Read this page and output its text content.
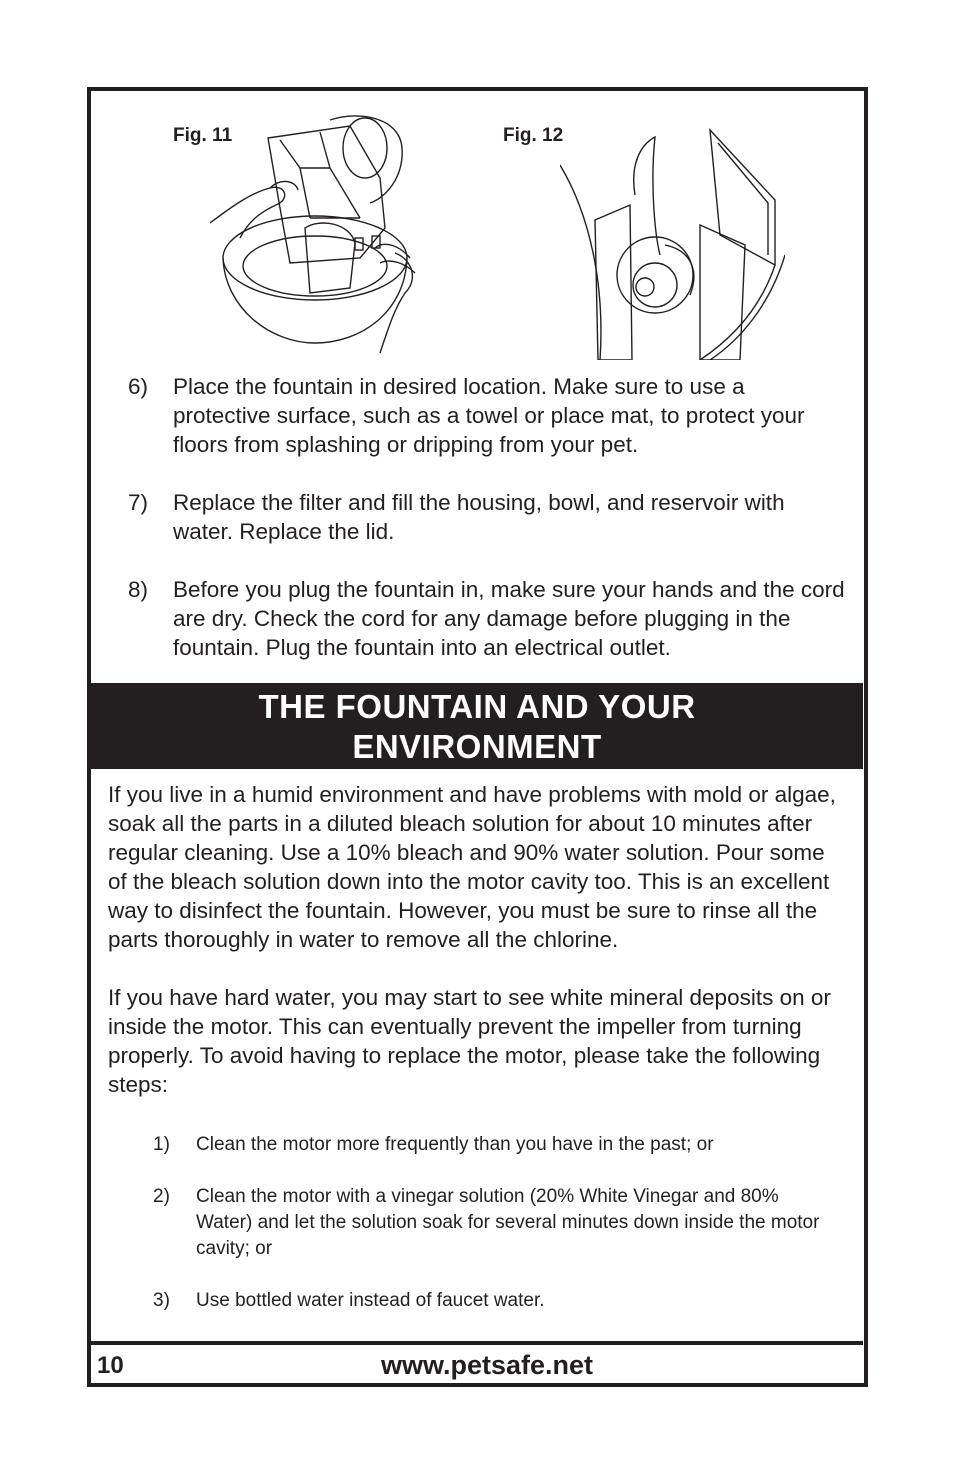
Fig. 11	Fig. 12
6)	Place the fountain in desired location. Make sure to use a protective surface, such as a towel or place mat, to protect your floors from splashing or dripping from your pet.
7)	Replace the filter and fill the housing, bowl, and reservoir with water. Replace the lid.
8)	Before you plug the fountain in, make sure your hands and the cord are dry. Check the cord for any damage before plugging in the fountain. Plug the fountain into an electrical outlet.
THE FOUNTAIN AND YOUR
ENVIRONMENT

If you live in a humid environment and have problems with mold or algae, soak all the parts in a diluted bleach solution for about 10 minutes after regular cleaning. Use a 10% bleach and 90% water solution. Pour some of the bleach solution down into the motor cavity too. This is an excellent way to disinfect the fountain. However, you must be sure to rinse all the parts thoroughly in water to remove all the chlorine.

If you have hard water, you may start to see white mineral deposits on or inside the motor. This can eventually prevent the impeller from turning properly. To avoid having to replace the motor, please take the following steps:

1)	Clean the motor more frequently than you have in the past; or
2)	Clean the motor with a vinegar solution (20% White Vinegar and 80% Water) and let the solution soak for several minutes down inside the motor cavity; or
3)	Use bottled water instead of faucet water.
10	www.petsafe.net
